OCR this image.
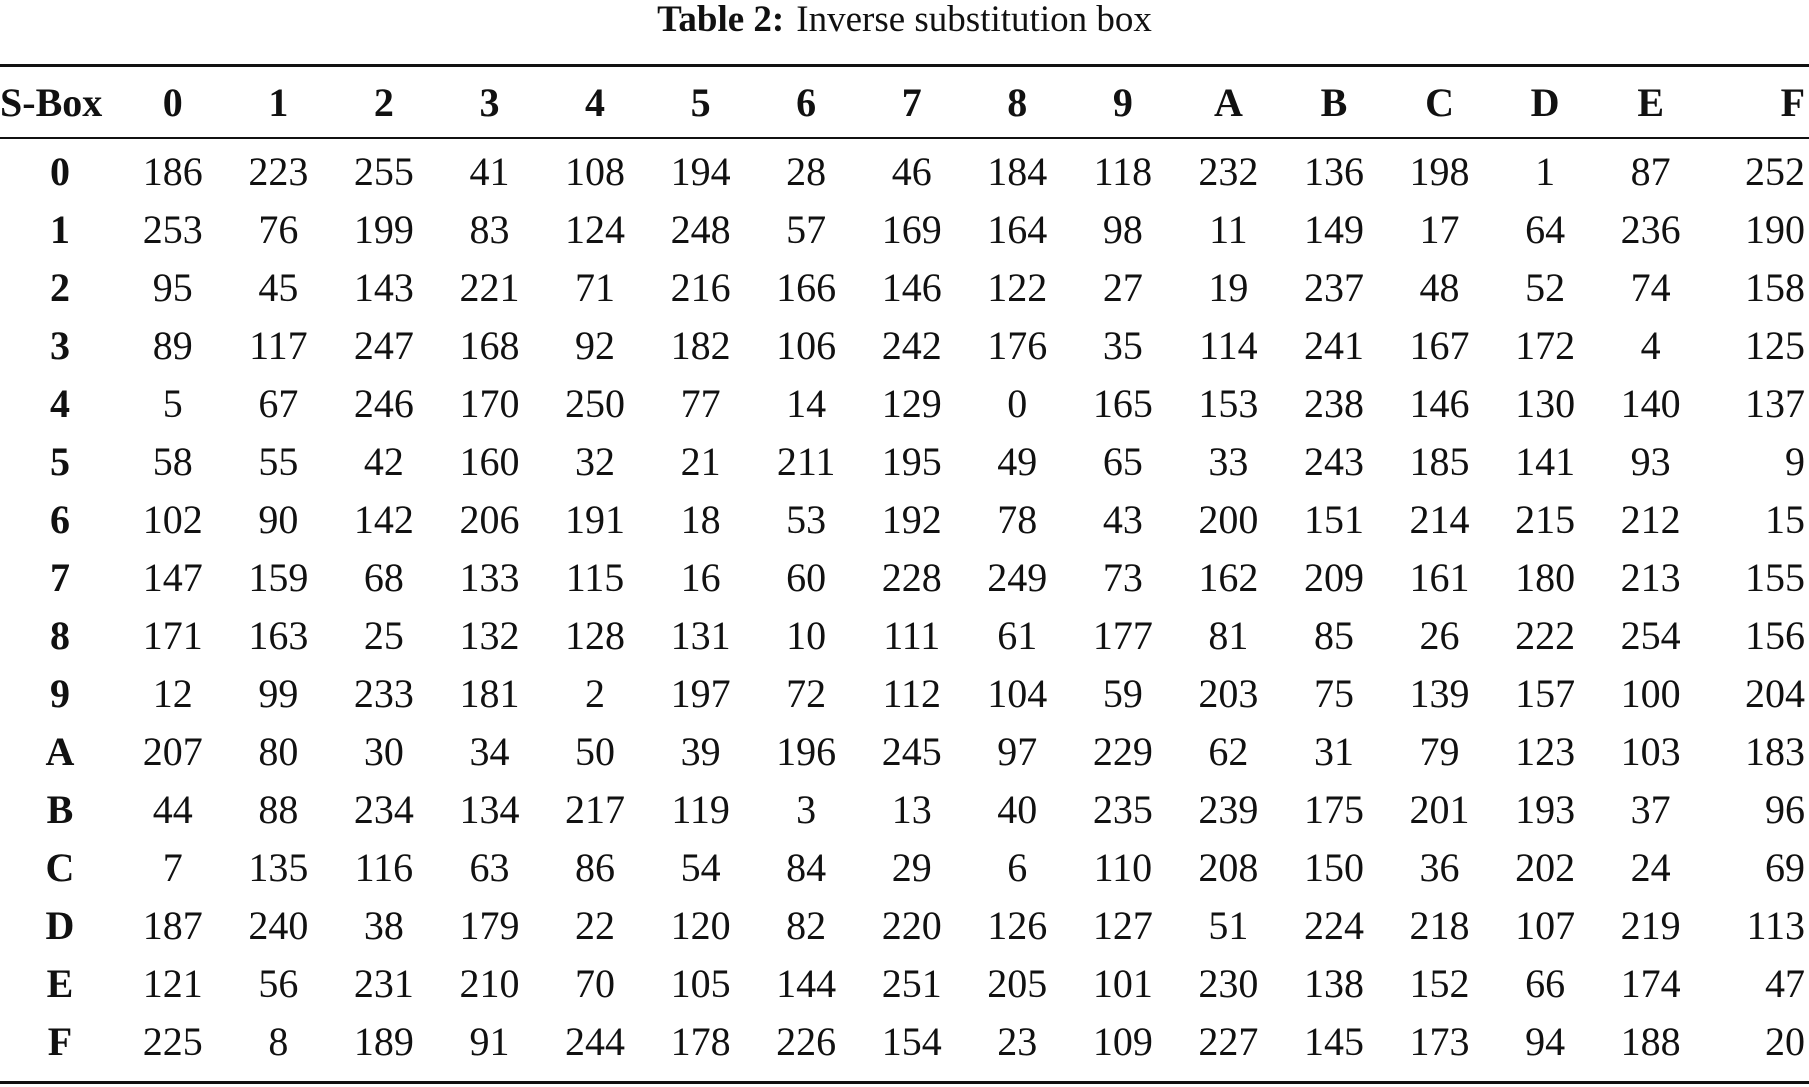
Table 2: Inverse substitution box
S-Box	0	1	2	3	4	5	6	7	8	9	A	B	C	D	E	F

0	186	223	255	41	108	194	28	46	184	118	232	136	198	1	87	252
1	253	76	199	83	124	248	57	169	164	98	11	149	17	64	236	190
2	95	45	143	221	71	216	166	146	122	27	19	237	48	52	74	158
3	89	117	247	168	92	182	106	242	176	35	114	241	167	172	4	125
4	5	67	246	170	250	77	14	129	0	165	153	238	146	130	140	137
5	58	55	42	160	32	21	211	195	49	65	33	243	185	141	93	9
6	102	90	142	206	191	18	53	192	78	43	200	151	214	215	212	15
7	147	159	68	133	115	16	60	228	249	73	162	209	161	180	213	155
8	171	163	25	132	128	131	10	111	61	177	81	85	26	222	254	156
9	12	99	233	181	2	197	72	112	104	59	203	75	139	157	100	204
A	207	80	30	34	50	39	196	245	97	229	62	31	79	123	103	183
B	44	88	234	134	217	119	3	13	40	235	239	175	201	193	37	96
C	7	135	116	63	86	54	84	29	6	110	208	150	36	202	24	69
D	187	240	38	179	22	120	82	220	126	127	51	224	218	107	219	113
E	121	56	231	210	70	105	144	251	205	101	230	138	152	66	174	47
F	225	8	189	91	244	178	226	154	23	109	227	145	173	94	188	20
